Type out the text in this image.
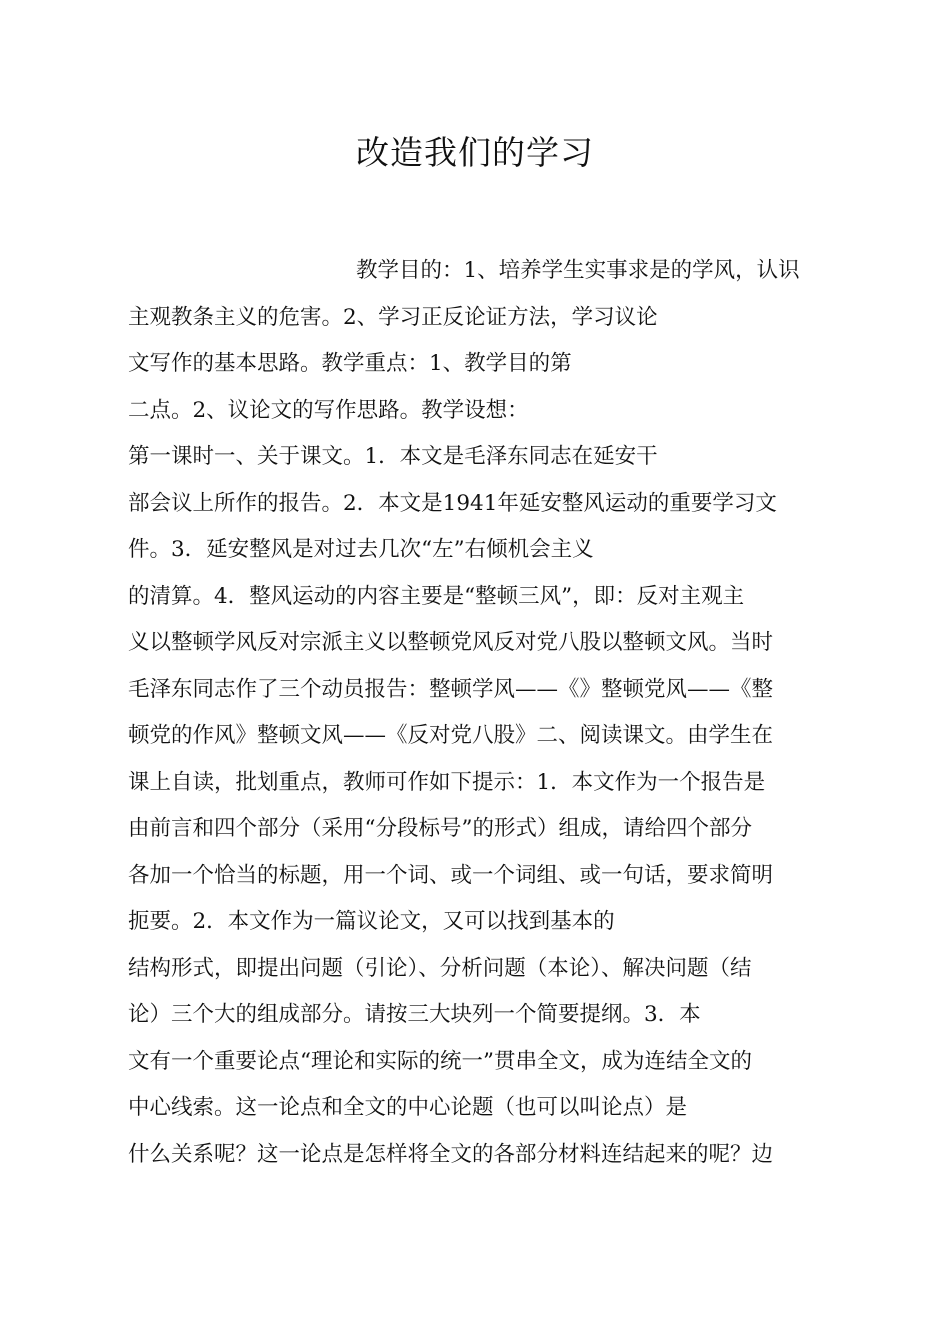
改造我们的学习
教学目的：1、培养学生实事求是的学风，认识
主观教条主义的危害。2、学习正反论证方法，学习议论
文写作的基本思路。教学重点：1、教学目的第
二点。2、议论文的写作思路。教学设想：
第一课时一、关于课文。1．本文是毛泽东同志在延安干
部会议上所作的报告。2．本文是1941年延安整风运动的重要学习文
件。3．延安整风是对过去几次“左”右倾机会主义
的清算。4．整风运动的内容主要是“整顿三风”，即：反对主观主
义以整顿学风反对宗派主义以整顿党风反对党八股以整顿文风。当时
毛泽东同志作了三个动员报告：整顿学风——《》整顿党风——《整
顿党的作风》整顿文风——《反对党八股》二、阅读课文。由学生在
课上自读，批划重点，教师可作如下提示：1．本文作为一个报告是
由前言和四个部分（采用“分段标号”的形式）组成，请给四个部分
各加一个恰当的标题，用一个词、或一个词组、或一句话，要求简明
扼要。2．本文作为一篇议论文，又可以找到基本的
结构形式，即提出问题（引论）、分析问题（本论）、解决问题（结
论）三个大的组成部分。请按三大块列一个简要提纲。3．本
文有一个重要论点“理论和实际的统一”贯串全文，成为连结全文的
中心线索。这一论点和全文的中心论题（也可以叫论点）是
什么关系呢？这一论点是怎样将全文的各部分材料连结起来的呢？边
